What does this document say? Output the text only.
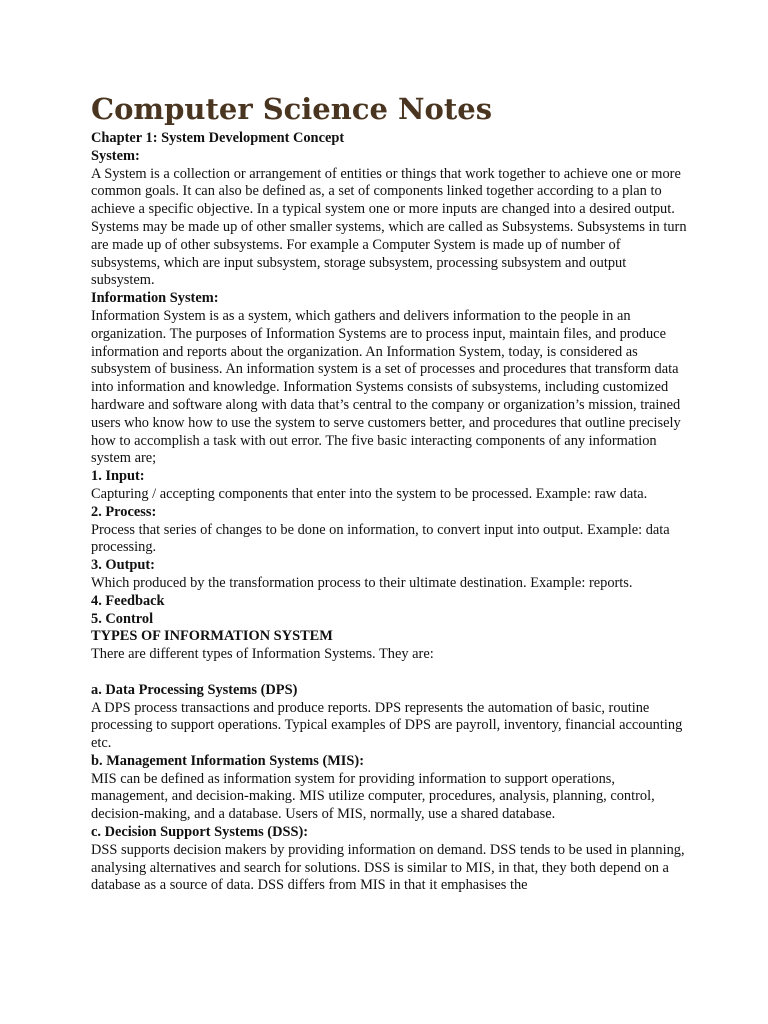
Computer Science Notes

Chapter 1: System Development Concept

System:

A System is a collection or arrangement of entities or things that work together to achieve one or more common goals. It can also be defined as, a set of components linked together according to a plan to achieve a specific objective. In a typical system one or more inputs are changed into a desired output. Systems may be made up of other smaller systems, which are called as Subsystems. Subsystems in turn are made up of other subsystems. For example a Computer System is made up of number of subsystems, which are input subsystem, storage subsystem, processing subsystem and output subsystem.

Information System:

Information System is as a system, which gathers and delivers information to the people in an organization. The purposes of Information Systems are to process input, maintain files, and produce information and reports about the organization. An Information System, today, is considered as subsystem of business. An information system is a set of processes and procedures that transform data into information and knowledge. Information Systems consists of subsystems, including customized hardware and software along with data that’s central to the company or organization’s mission, trained users who know how to use the system to serve customers better, and procedures that outline precisely how to accomplish a task with out error. The five basic interacting components of any information system are;

1. Input:

Capturing / accepting components that enter into the system to be processed. Example: raw data.

2. Process:

Process that series of changes to be done on information, to convert input into output. Example: data processing.

3. Output:

Which produced by the transformation process to their ultimate destination. Example: reports.

4. Feedback

5. Control

TYPES OF INFORMATION SYSTEM

There are different types of Information Systems. They are:

a. Data Processing Systems (DPS)

A DPS process transactions and produce reports. DPS represents the automation of basic, routine processing to support operations. Typical examples of DPS are payroll, inventory, financial accounting etc.

b. Management Information Systems (MIS):

MIS can be defined as information system for providing information to support operations, management, and decision-making. MIS utilize computer, procedures, analysis, planning, control, decision-making, and a database. Users of MIS, normally, use a shared database.

c. Decision Support Systems (DSS):

DSS supports decision makers by providing information on demand. DSS tends to be used in planning, analysing alternatives and search for solutions. DSS is similar to MIS, in that, they both depend on a database as a source of data. DSS differs from MIS in that it emphasises the
